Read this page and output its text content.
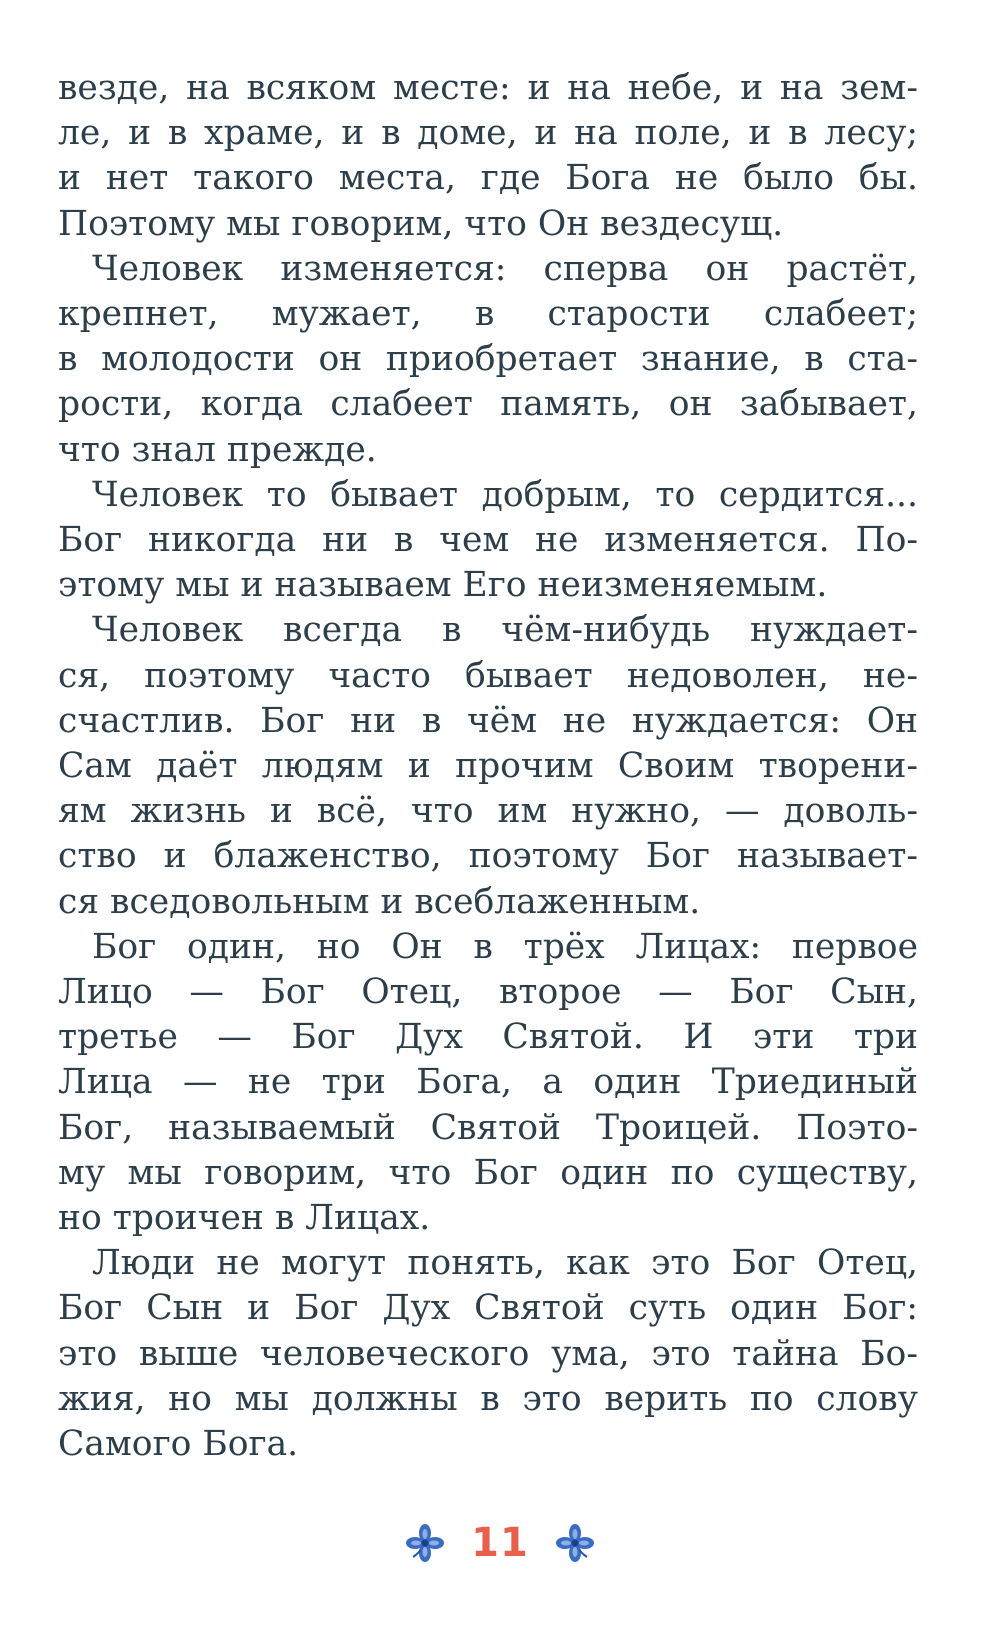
везде, на всяком месте: и на небе, и на зем-
ле, и в храме, и в доме, и на поле, и в лесу;
и нет такого места, где Бога не было бы.
Поэтому мы говорим, что Он вездесущ.
Человек изменяется: сперва он растёт,
крепнет, мужает, в старости слабеет;
в молодости он приобретает знание, в ста-
рости, когда слабеет память, он забывает,
что знал прежде.
Человек то бывает добрым, то сердится...
Бог никогда ни в чем не изменяется. По-
этому мы и называем Его неизменяемым.
Человек всегда в чём-нибудь нуждает-
ся, поэтому часто бывает недоволен, не-
счастлив. Бог ни в чём не нуждается: Он
Сам даёт людям и прочим Своим творени-
ям жизнь и всё, что им нужно, — доволь-
ство и блаженство, поэтому Бог называет-
ся вседовольным и всеблаженным.
Бог один, но Он в трёх Лицах: первое
Лицо — Бог Отец, второе — Бог Сын,
третье — Бог Дух Святой. И эти три
Лица — не три Бога, а один Триединый
Бог, называемый Святой Троицей. Поэто-
му мы говорим, что Бог один по существу,
но троичен в Лицах.
Люди не могут понять, как это Бог Отец,
Бог Сын и Бог Дух Святой суть один Бог:
это выше человеческого ума, это тайна Бо-
жия, но мы должны в это верить по слову
Самого Бога.
11
